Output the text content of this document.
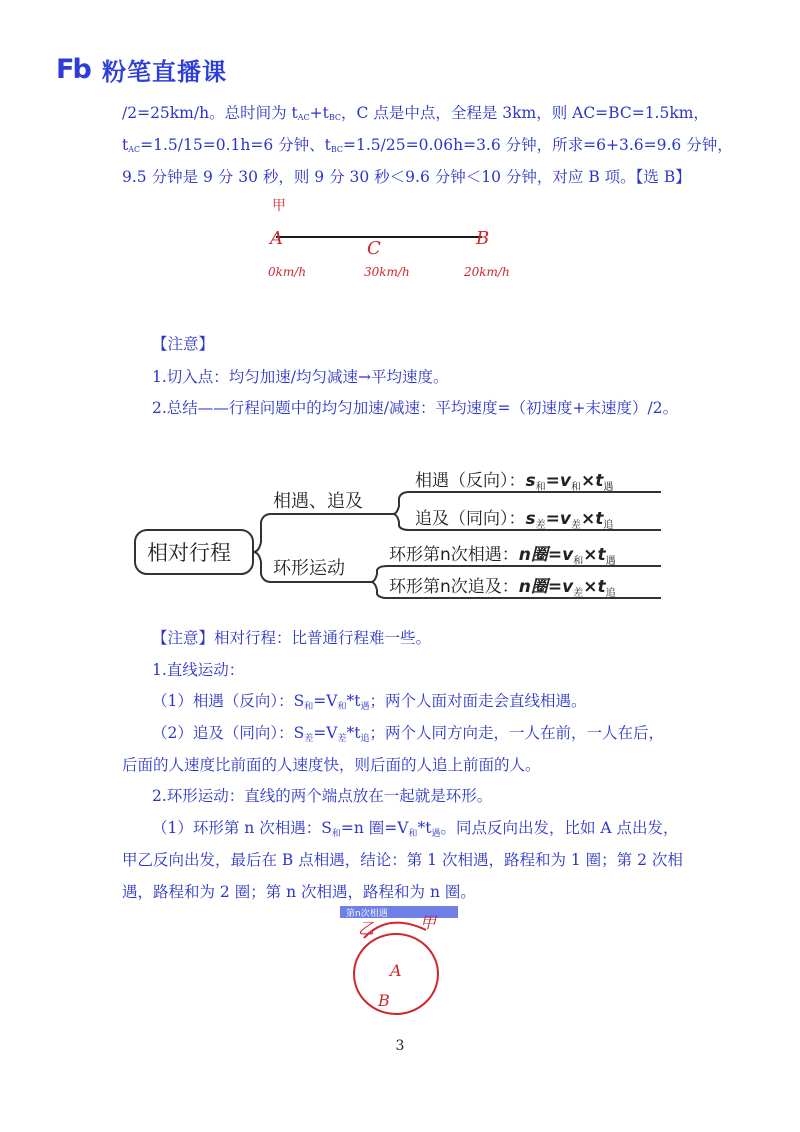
Fb 粉笔直播课
/2=25km/h。总时间为 $t_{AC}+t_{BC}$，C 点是中点，全程是 3km，则 AC=BC=1.5km，
$t_{AC}=1.5/15=0.1h=6$ 分钟、$t_{BC}=1.5/25=0.06h=3.6$ 分钟，所求=6+3.6=9.6 分钟，
9.5 分钟是 9 分 30 秒，则 9 分 30 秒＜9.6 分钟＜10 分钟，对应 B 项。【选 B】
甲
A	C	B
0km/h	30km/h	20km/h
【注意】
1.切入点：均匀加速/均匀减速→平均速度。
2.总结——行程问题中的均匀加速/减速：平均速度=（初速度+末速度）/2。
相对行程
相遇、追及
环形运动
相遇（反向）：$s_和=v_和\times t_遇$
追及（同向）：$s_差=v_差\times t_追$
环形第n次相遇：n圈$=v_和\times t_遇$
环形第n次追及：n圈$=v_差\times t_追$
【注意】相对行程：比普通行程难一些。
1.直线运动：
（1）相遇（反向）：S和=V和*t遇；两个人面对面走会直线相遇。
（2）追及（同向）：S差=V差*t追；两个人同方向走，一人在前，一人在后，
后面的人速度比前面的人速度快，则后面的人追上前面的人。
2.环形运动：直线的两个端点放在一起就是环形。
（1）环形第 n 次相遇：S和=n 圈=V和*t遇。同点反向出发，比如 A 点出发，
甲乙反向出发，最后在 B 点相遇，结论：第 1 次相遇，路程和为 1 圈；第 2 次相
遇，路程和为 2 圈；第 n 次相遇，路程和为 n 圈。
第n次相遇
乙	甲
A
B
3
